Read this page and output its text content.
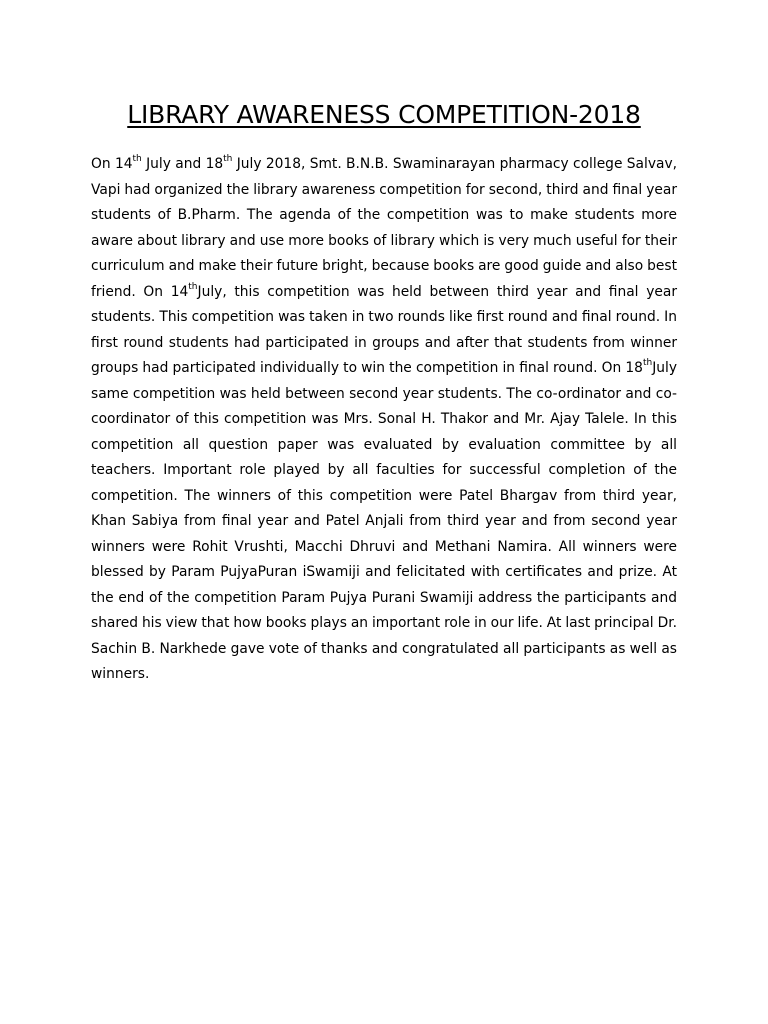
LIBRARY AWARENESS COMPETITION-2018

On 14th July and 18th July 2018, Smt. B.N.B. Swaminarayan pharmacy college Salvav, Vapi had organized the library awareness competition for second, third and final year students of B.Pharm. The agenda of the competition was to make students more aware about library and use more books of library which is very much useful for their curriculum and make their future bright, because books are good guide and also best friend. On 14thJuly, this competition was held between third year and final year students. This competition was taken in two rounds like first round and final round. In first round students had participated in groups and after that students from winner groups had participated individually to win the competition in final round. On 18thJuly same competition was held between second year students. The co-ordinator and co-coordinator of this competition was Mrs. Sonal H. Thakor and Mr. Ajay Talele. In this competition all question paper was evaluated by evaluation committee by all teachers. Important role played by all faculties for successful completion of the competition. The winners of this competition were Patel Bhargav from third year, Khan Sabiya from final year and Patel Anjali from third year and from second year winners were Rohit Vrushti, Macchi Dhruvi and Methani Namira. All winners were blessed by Param PujyaPuran iSwamiji and felicitated with certificates and prize. At the end of the competition Param Pujya Purani Swamiji address the participants and shared his view that how books plays an important role in our life. At last principal Dr. Sachin B. Narkhede gave vote of thanks and congratulated all participants as well as winners.
